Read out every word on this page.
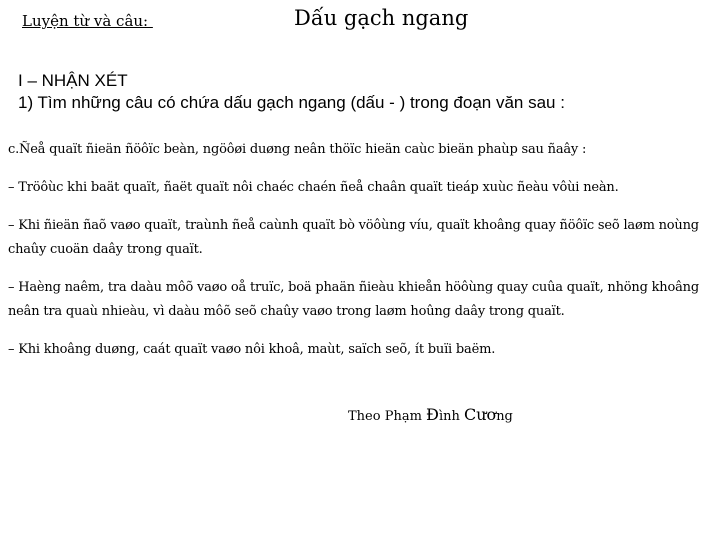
Luyện từ và câu:	Dấu gạch ngang
I – NHẬN XÉT
1) Tìm những câu có chứa dấu gạch ngang (dấu - ) trong đoạn văn sau :

c.Ñeå quaït ñieän ñöôïc beàn, ngöôøi duøng neân thöïc hieän caùc bieän phaùp sau ñaây :

– Tröôùc khi baät quaït, ñaët quaït nôi chaéc chaén ñeå chaân quaït tieáp xuùc ñeàu vôùi neàn.

– Khi ñieän ñaõ vaøo quaït, traùnh ñeå caùnh quaït bò vöôùng víu, quaït khoâng quay ñöôïc seõ laøm noùng chaûy cuoän daây trong quaït.

– Haèng naêm, tra daàu môõ vaøo oå truïc, boä phaän ñieàu khieån höôùng quay cuûa quaït, nhöng khoâng neân tra quaù nhieàu, vì daàu môõ seõ chaûy vaøo trong laøm hoûng daây trong quaït.

– Khi khoâng duøng, caát quaït vaøo nôi khoâ, maùt, saïch seõ, ít buïi baëm.

Theo Phạm Đình Cương
